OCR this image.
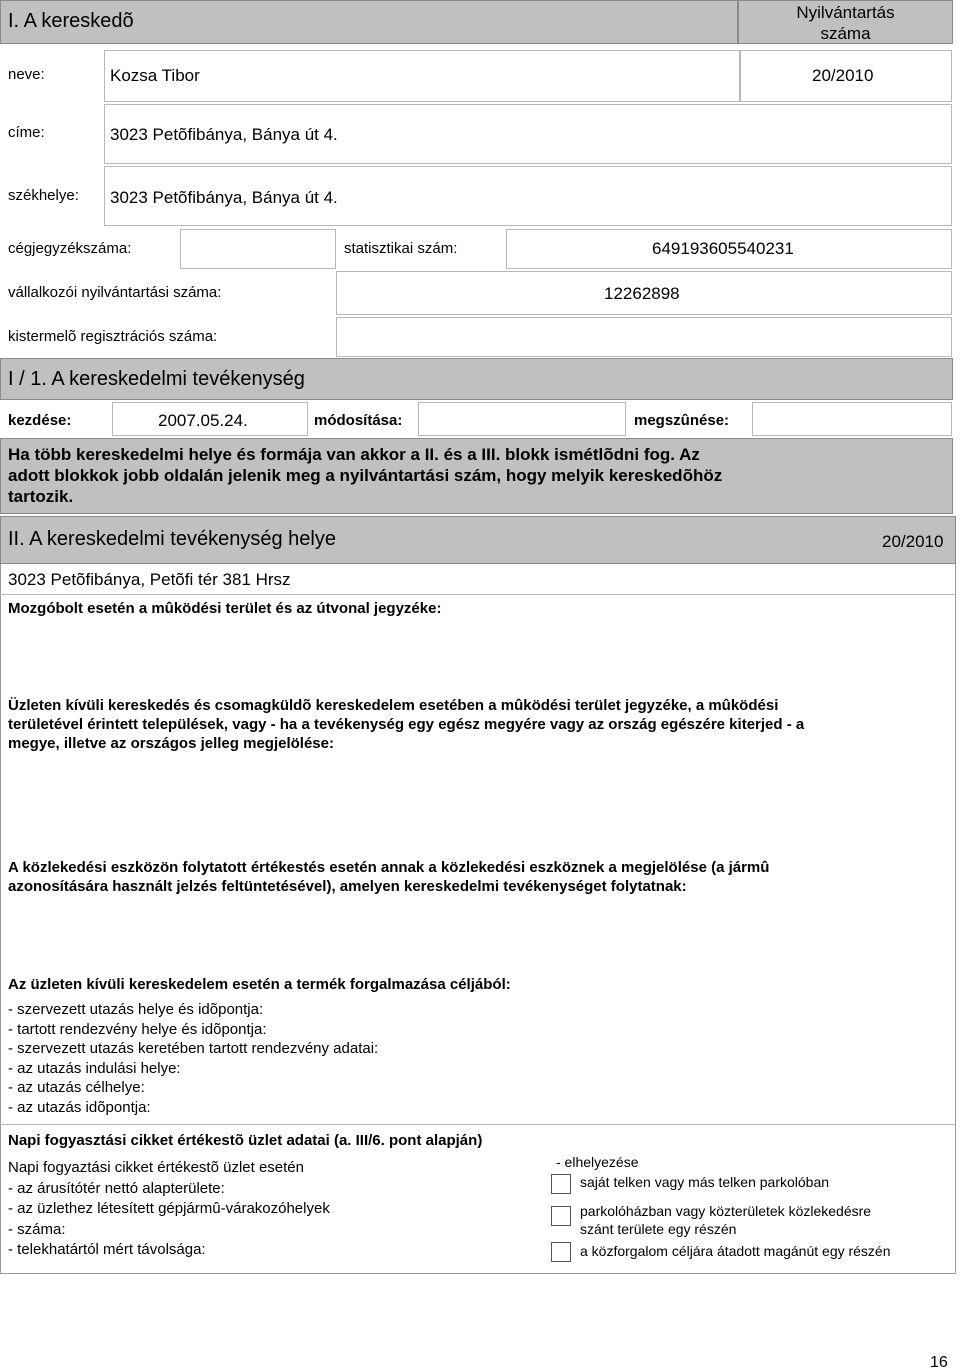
I. A kereskedõ	Nyilvántartás
száma
neve:	Kozsa Tibor	20/2010
címe:	3023 Petõfibánya, Bánya út 4.
székhelye: 3023 Petõfibánya, Bánya út 4.
cégjegyzékszáma:	statisztikai szám:	649193605540231
vállalkozói nyilvántartási száma:	12262898
kistermelõ regisztrációs száma:
I / 1. A kereskedelmi tevékenység
kezdése:	2007.05.24.	módosítása:	megszûnése:
Ha több kereskedelmi helye és formája van akkor a II. és a III. blokk ismétlõdni fog. Az
adott blokkok jobb oldalán jelenik meg a nyilvántartási szám, hogy melyik kereskedõhöz
tartozik.
II. A kereskedelmi tevékenység helye	20/2010
3023 Petõfibánya, Petõfi tér 381 Hrsz
Mozgóbolt esetén a mûködési terület és az útvonal jegyzéke:
Üzleten kívüli kereskedés és csomagküldõ kereskedelem esetében a mûködési terület jegyzéke, a mûködési
területével érintett települések, vagy - ha a tevékenység egy egész megyére vagy az ország egészére kiterjed - a
megye, illetve az országos jelleg megjelölése:
A közlekedési eszközön folytatott értékestés esetén annak a közlekedési eszköznek a megjelölése (a jármû
azonosítására használt jelzés feltüntetésével), amelyen kereskedelmi tevékenységet folytatnak:
Az üzleten kívüli kereskedelem esetén a termék forgalmazása céljából:
- szervezett utazás helye és idõpontja:
- tartott rendezvény helye és idõpontja:
- szervezett utazás keretében tartott rendezvény adatai:
- az utazás indulási helye:
- az utazás célhelye:
- az utazás idõpontja:
Napi fogyasztási cikket értékestõ üzlet adatai (a. III/6. pont alapján)
Napi fogyaztási cikket értékestõ üzlet esetén
- az árusítótér nettó alapterülete:
- az üzlethez létesített gépjármû-várakozóhelyek
- száma:
- telekhatártól mért távolsága:
- elhelyezése
saját telken vagy más telken parkolóban
parkolóházban vagy közterületek közlekedésre
szánt területe egy részén
a közforgalom céljára átadott magánút egy részén
16
